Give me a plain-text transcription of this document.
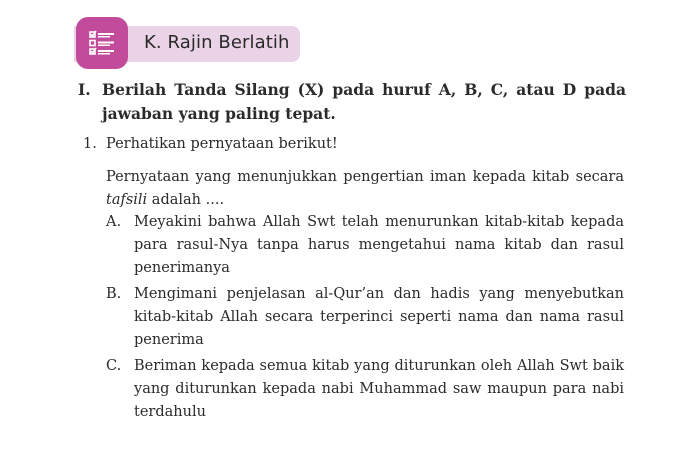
K. Rajin Berlatih
I. Berilah Tanda Silang (X) pada huruf A, B, C, atau D pada jawaban yang paling tepat.
1. Perhatikan pernyataan berikut!
Pernyataan yang menunjukkan pengertian iman kepada kitab secara
tafsili adalah ....
A. Meyakini bahwa Allah Swt telah menurunkan kitab-kitab kepada
para rasul-Nya tanpa harus mengetahui nama kitab dan rasul
penerimanya
B. Mengimani penjelasan al-Qur’an dan hadis yang menyebutkan
kitab-kitab Allah secara terperinci seperti nama dan nama rasul
penerima
C. Beriman kepada semua kitab yang diturunkan oleh Allah Swt baik
yang diturunkan kepada nabi Muhammad saw maupun para nabi
terdahulu
